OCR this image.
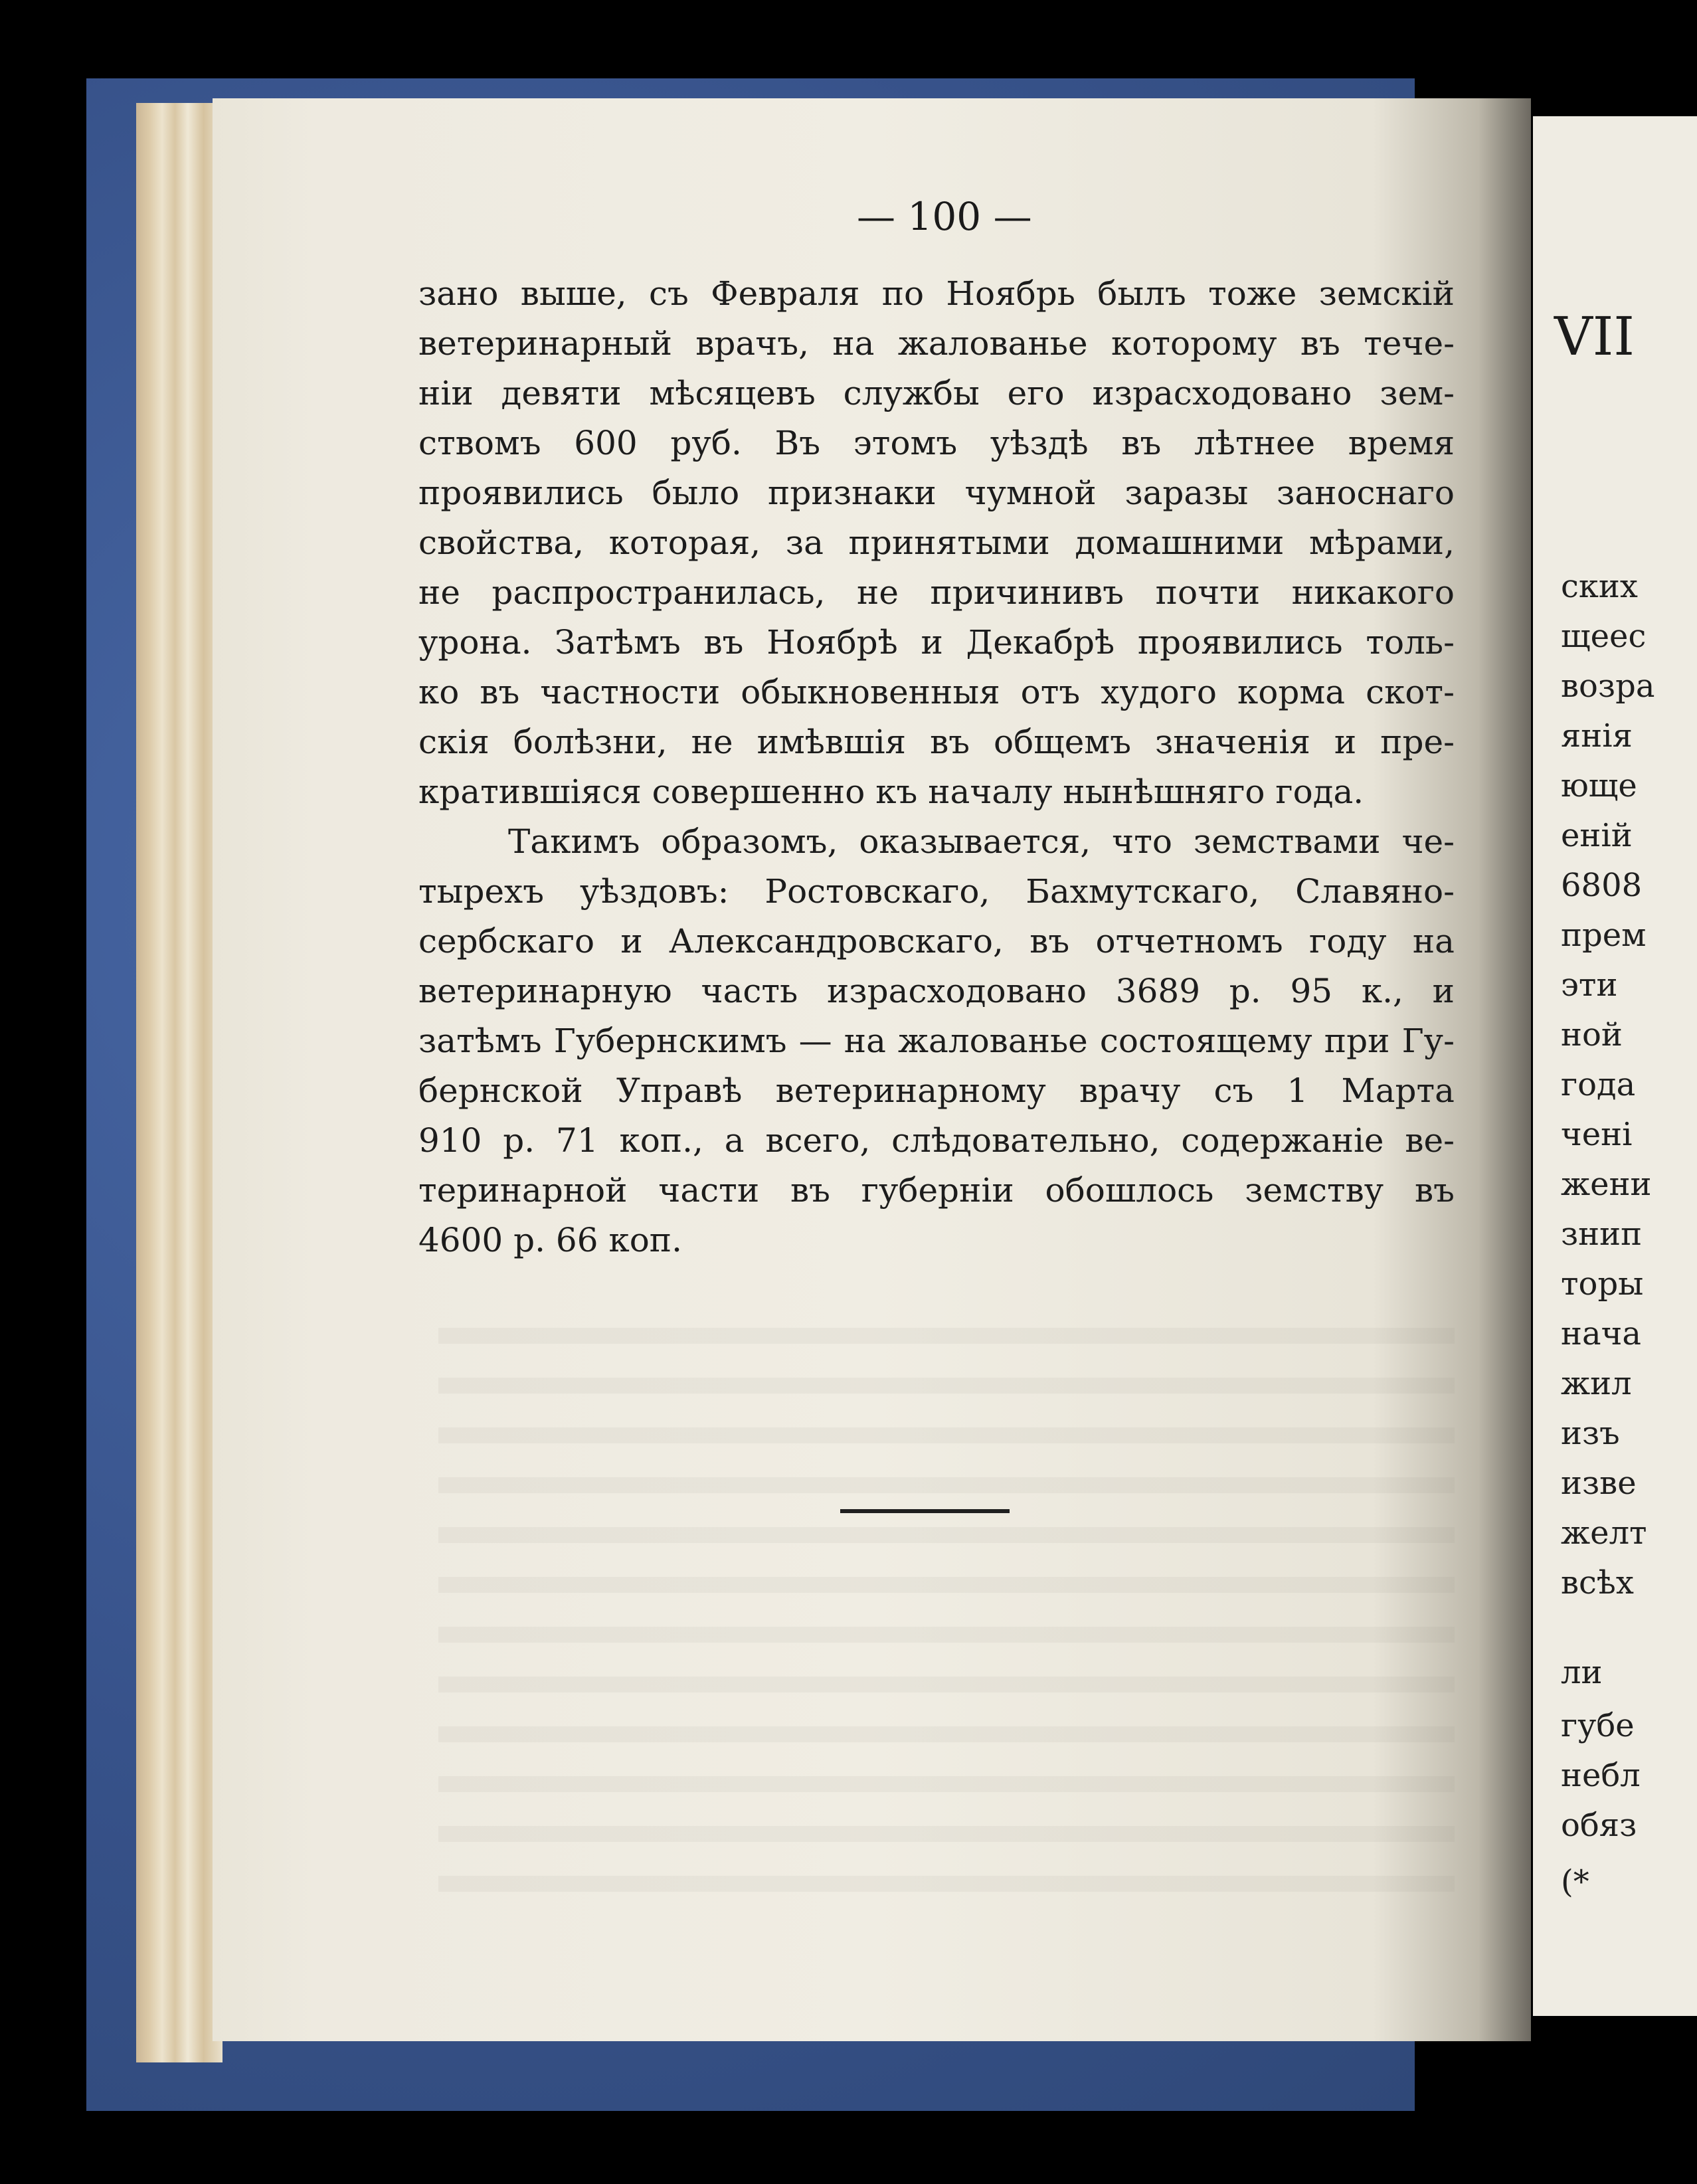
— 100 —
зано выше, съ Февраля по Ноябрь былъ тоже земскій
ветеринарный врачъ, на жалованье которому въ тече-
ніи девяти мѣсяцевъ службы его израсходовано зем-
ствомъ 600 руб. Въ этомъ уѣздѣ въ лѣтнее время
проявились было признаки чумной заразы заноснаго
свойства, которая, за принятыми домашними мѣрами,
не распространилась, не причинивъ почти никакого
урона. Затѣмъ въ Ноябрѣ и Декабрѣ проявились толь-
ко въ частности обыкновенныя отъ худого корма скот-
скія болѣзни, не имѣвшія въ общемъ значенія и пре-
кратившіяся совершенно къ началу нынѣшняго года.
Такимъ образомъ, оказывается, что земствами че-
тырехъ уѣздовъ: Ростовскаго, Бахмутскаго, Славяно-
сербскаго и Александровскаго, въ отчетномъ году на
ветеринарную часть израсходовано 3689 р. 95 к., и
затѣмъ Губернскимъ — на жалованье состоящему при Гу-
бернской Управѣ ветеринарному врачу съ 1 Марта
910 р. 71 коп., а всего, слѣдовательно, содержаніе ве-
теринарной части въ губерніи обошлось земству въ
4600 р. 66 коп.
VII
ских
щеес
возра
янія
юще
еній
6808
прем
эти
ной
года
ченi
жени
знип
торы
нача
жил
изъ
изве
желт
всѣх
ли
губе
небл
обяз
(*
